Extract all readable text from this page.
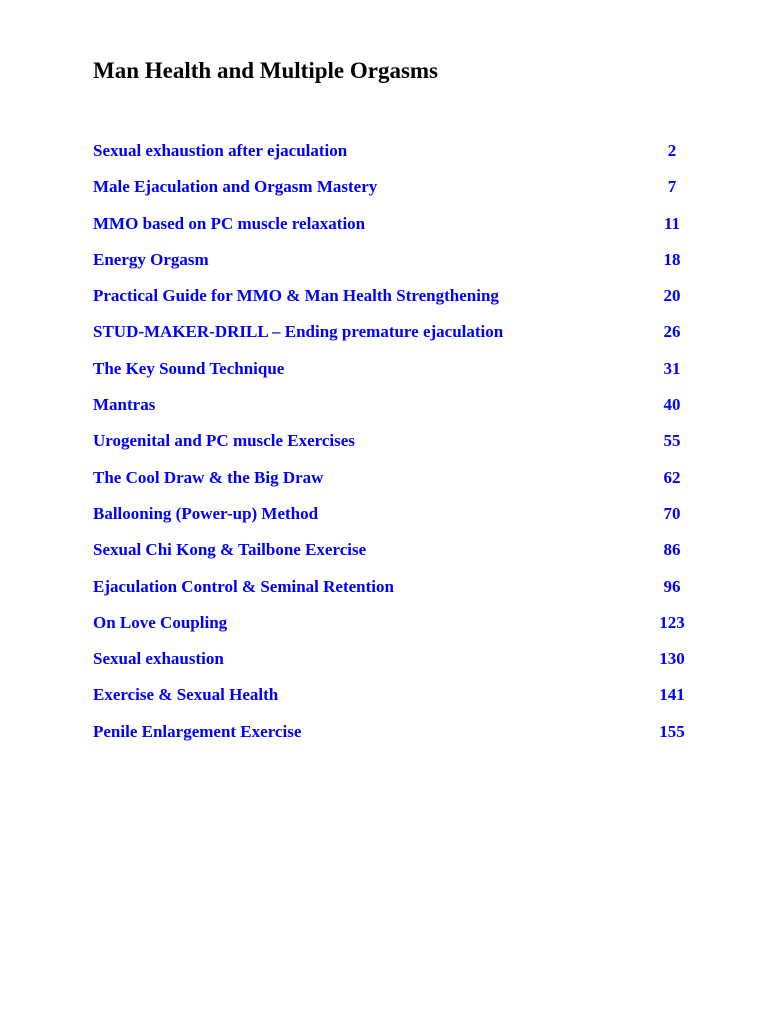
Man Health and Multiple Orgasms
Sexual exhaustion after ejaculation	2
Male Ejaculation and Orgasm Mastery	7
MMO based on PC muscle relaxation	11
Energy Orgasm	18
Practical Guide for MMO & Man Health Strengthening	20
STUD-MAKER-DRILL – Ending premature ejaculation	26
The Key Sound Technique	31
Mantras	40
Urogenital and PC muscle Exercises	55
The Cool Draw & the Big Draw	62
Ballooning (Power-up) Method	70
Sexual Chi Kong & Tailbone Exercise	86
Ejaculation Control & Seminal Retention	96
On Love Coupling	123
Sexual exhaustion	130
Exercise & Sexual Health	141
Penile Enlargement Exercise	155
